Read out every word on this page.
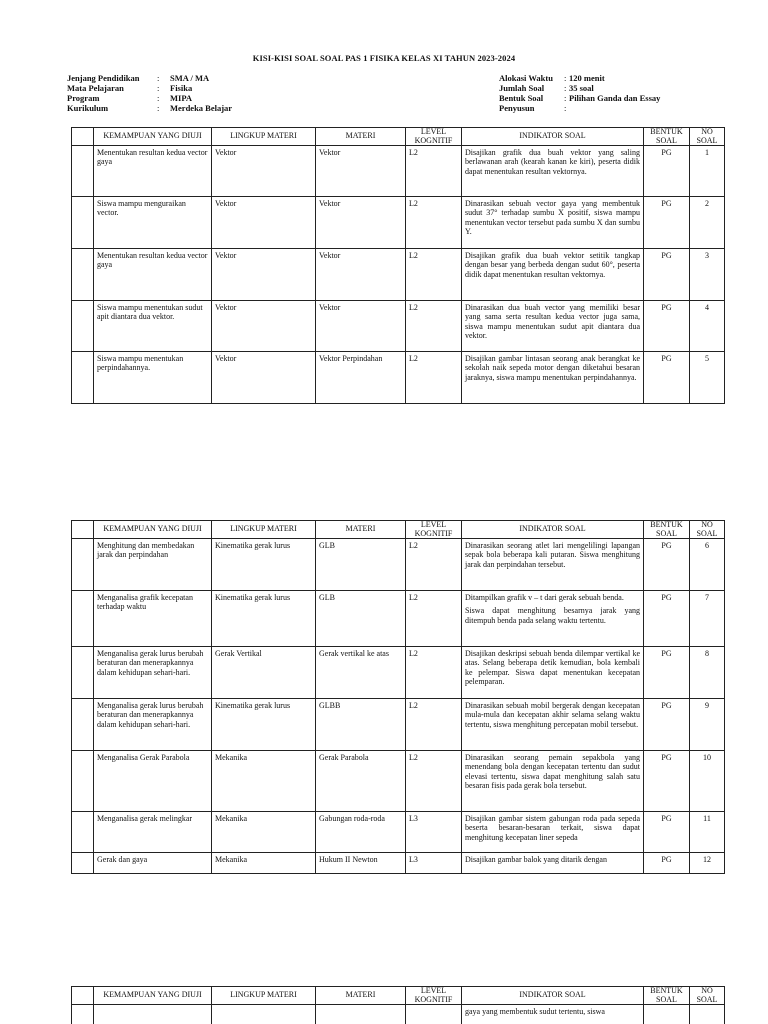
KISI-KISI SOAL SOAL PAS 1 FISIKA KELAS XI TAHUN 2023-2024
Jenjang Pendidikan	:	SMA / MA
Mata Pelajaran	:	Fisika
Program	:	MIPA
Kurikulum	:	Merdeka Belajar
Alokasi Waktu	: 120 menit
Jumlah Soal	: 35 soal
Bentuk Soal	: Pilihan Ganda dan Essay
Penyusun	:
	KEMAMPUAN YANG DIUJI	LINGKUP MATERI	MATERI	LEVEL KOGNITIF	INDIKATOR SOAL	BENTUK SOAL	NO SOAL
	Menentukan resultan kedua vector gaya	Vektor	Vektor	L2	Disajikan grafik dua buah vektor yang saling berlawanan arah (kearah kanan ke kiri), peserta didik dapat menentukan resultan vektornya.	PG	1
	Siswa mampu menguraikan vector.	Vektor	Vektor	L2	Dinarasikan sebuah vector gaya yang membentuk sudut 37° terhadap sumbu X positif, siswa mampu menentukan vector tersebut pada sumbu X dan sumbu Y.	PG	2
	Menentukan resultan kedua vector gaya	Vektor	Vektor	L2	Disajikan grafik dua buah vektor setitik tangkap dengan besar yang berbeda dengan sudut 60°, peserta didik dapat menentukan resultan vektornya.	PG	3
	Siswa mampu menentukan sudut apit diantara dua vektor.	Vektor	Vektor	L2	Dinarasikan dua buah vector yang memiliki besar yang sama serta resultan kedua vector juga sama, siswa mampu menentukan sudut apit diantara dua vektor.	PG	4
	Siswa mampu menentukan perpindahannya.	Vektor	Vektor Perpindahan	L2	Disajikan gambar lintasan seorang anak berangkat ke sekolah naik sepeda motor dengan diketahui besaran jaraknya, siswa mampu menentukan perpindahannya.	PG	5
	KEMAMPUAN YANG DIUJI	LINGKUP MATERI	MATERI	LEVEL KOGNITIF	INDIKATOR SOAL	BENTUK SOAL	NO SOAL
	Menghitung dan membedakan jarak dan perpindahan	Kinematika gerak lurus	GLB	L2	Dinarasikan seorang atlet lari mengelilingi lapangan sepak bola beberapa kali putaran. Siswa menghitung jarak dan perpindahan tersebut.	PG	6
	Menganalisa grafik kecepatan terhadap waktu	Kinematika gerak lurus	GLB	L2	Ditampilkan grafik v – t dari gerak sebuah benda.

Siswa dapat menghitung besarnya jarak yang ditempuh benda pada selang waktu tertentu.	PG	7
	Menganalisa gerak lurus berubah beraturan dan menerapkannya dalam kehidupan sehari-hari.	Gerak Vertikal	Gerak vertikal ke atas	L2	Disajikan deskripsi sebuah benda dilempar vertikal ke atas. Selang beberapa detik kemudian, bola kembali ke pelempar. Siswa dapat menentukan kecepatan pelemparan.	PG	8
	Menganalisa gerak lurus berubah beraturan dan menerapkannya dalam kehidupan sehari-hari.	Kinematika gerak lurus	GLBB	L2	Dinarasikan sebuah mobil bergerak dengan kecepatan mula-mula dan kecepatan akhir selama selang waktu tertentu, siswa menghitung percepatan mobil tersebut.	PG	9
	Menganalisa Gerak Parabola	Mekanika	Gerak Parabola	L2	Dinarasikan seorang pemain sepakbola yang menendang bola dengan kecepatan tertentu dan sudut elevasi tertentu, siswa dapat menghitung salah satu besaran fisis pada gerak bola tersebut.	PG	10
	Menganalisa gerak melingkar	Mekanika	Gabungan roda-roda	L3	Disajikan gambar sistem gabungan roda pada sepeda beserta besaran-besaran terkait, siswa dapat menghitung kecepatan liner sepeda	PG	11
	Gerak dan gaya	Mekanika	Hukum II Newton	L3	Disajikan gambar balok yang ditarik dengan	PG	12
	KEMAMPUAN YANG DIUJI	LINGKUP MATERI	MATERI	LEVEL KOGNITIF	INDIKATOR SOAL	BENTUK SOAL	NO SOAL

					gaya yang membentuk sudut tertentu, siswa		
